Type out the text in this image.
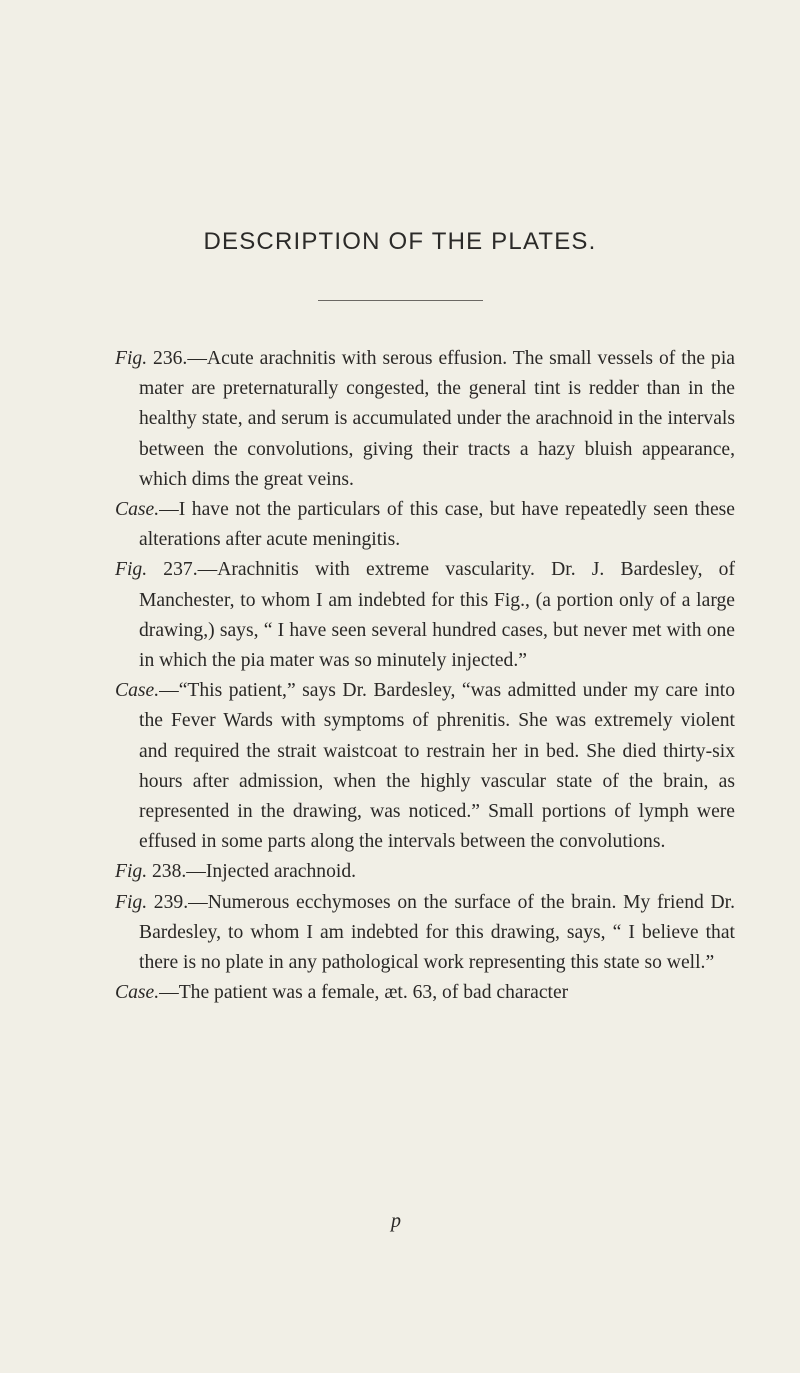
DESCRIPTION OF THE PLATES.

Fig. 236.—Acute arachnitis with serous effusion. The small vessels of the pia mater are preternaturally congested, the general tint is redder than in the healthy state, and serum is accumulated under the arachnoid in the intervals between the convolutions, giving their tracts a hazy bluish appearance, which dims the great veins.

Case.—I have not the particulars of this case, but have repeatedly seen these alterations after acute meningitis.

Fig. 237.—Arachnitis with extreme vascularity. Dr. J. Bardesley, of Manchester, to whom I am indebted for this Fig., (a portion only of a large drawing,) says, “ I have seen several hundred cases, but never met with one in which the pia mater was so minutely injected.”

Case.—“This patient,” says Dr. Bardesley, “was admitted under my care into the Fever Wards with symptoms of phrenitis. She was extremely violent and required the strait waistcoat to restrain her in bed. She died thirty-six hours after admission, when the highly vascular state of the brain, as represented in the drawing, was noticed.” Small portions of lymph were effused in some parts along the intervals between the convolutions.

Fig. 238.—Injected arachnoid.

Fig. 239.—Numerous ecchymoses on the surface of the brain. My friend Dr. Bardesley, to whom I am indebted for this drawing, says, “ I believe that there is no plate in any pathological work representing this state so well.”

Case.—The patient was a female, æt. 63, of bad character

p
